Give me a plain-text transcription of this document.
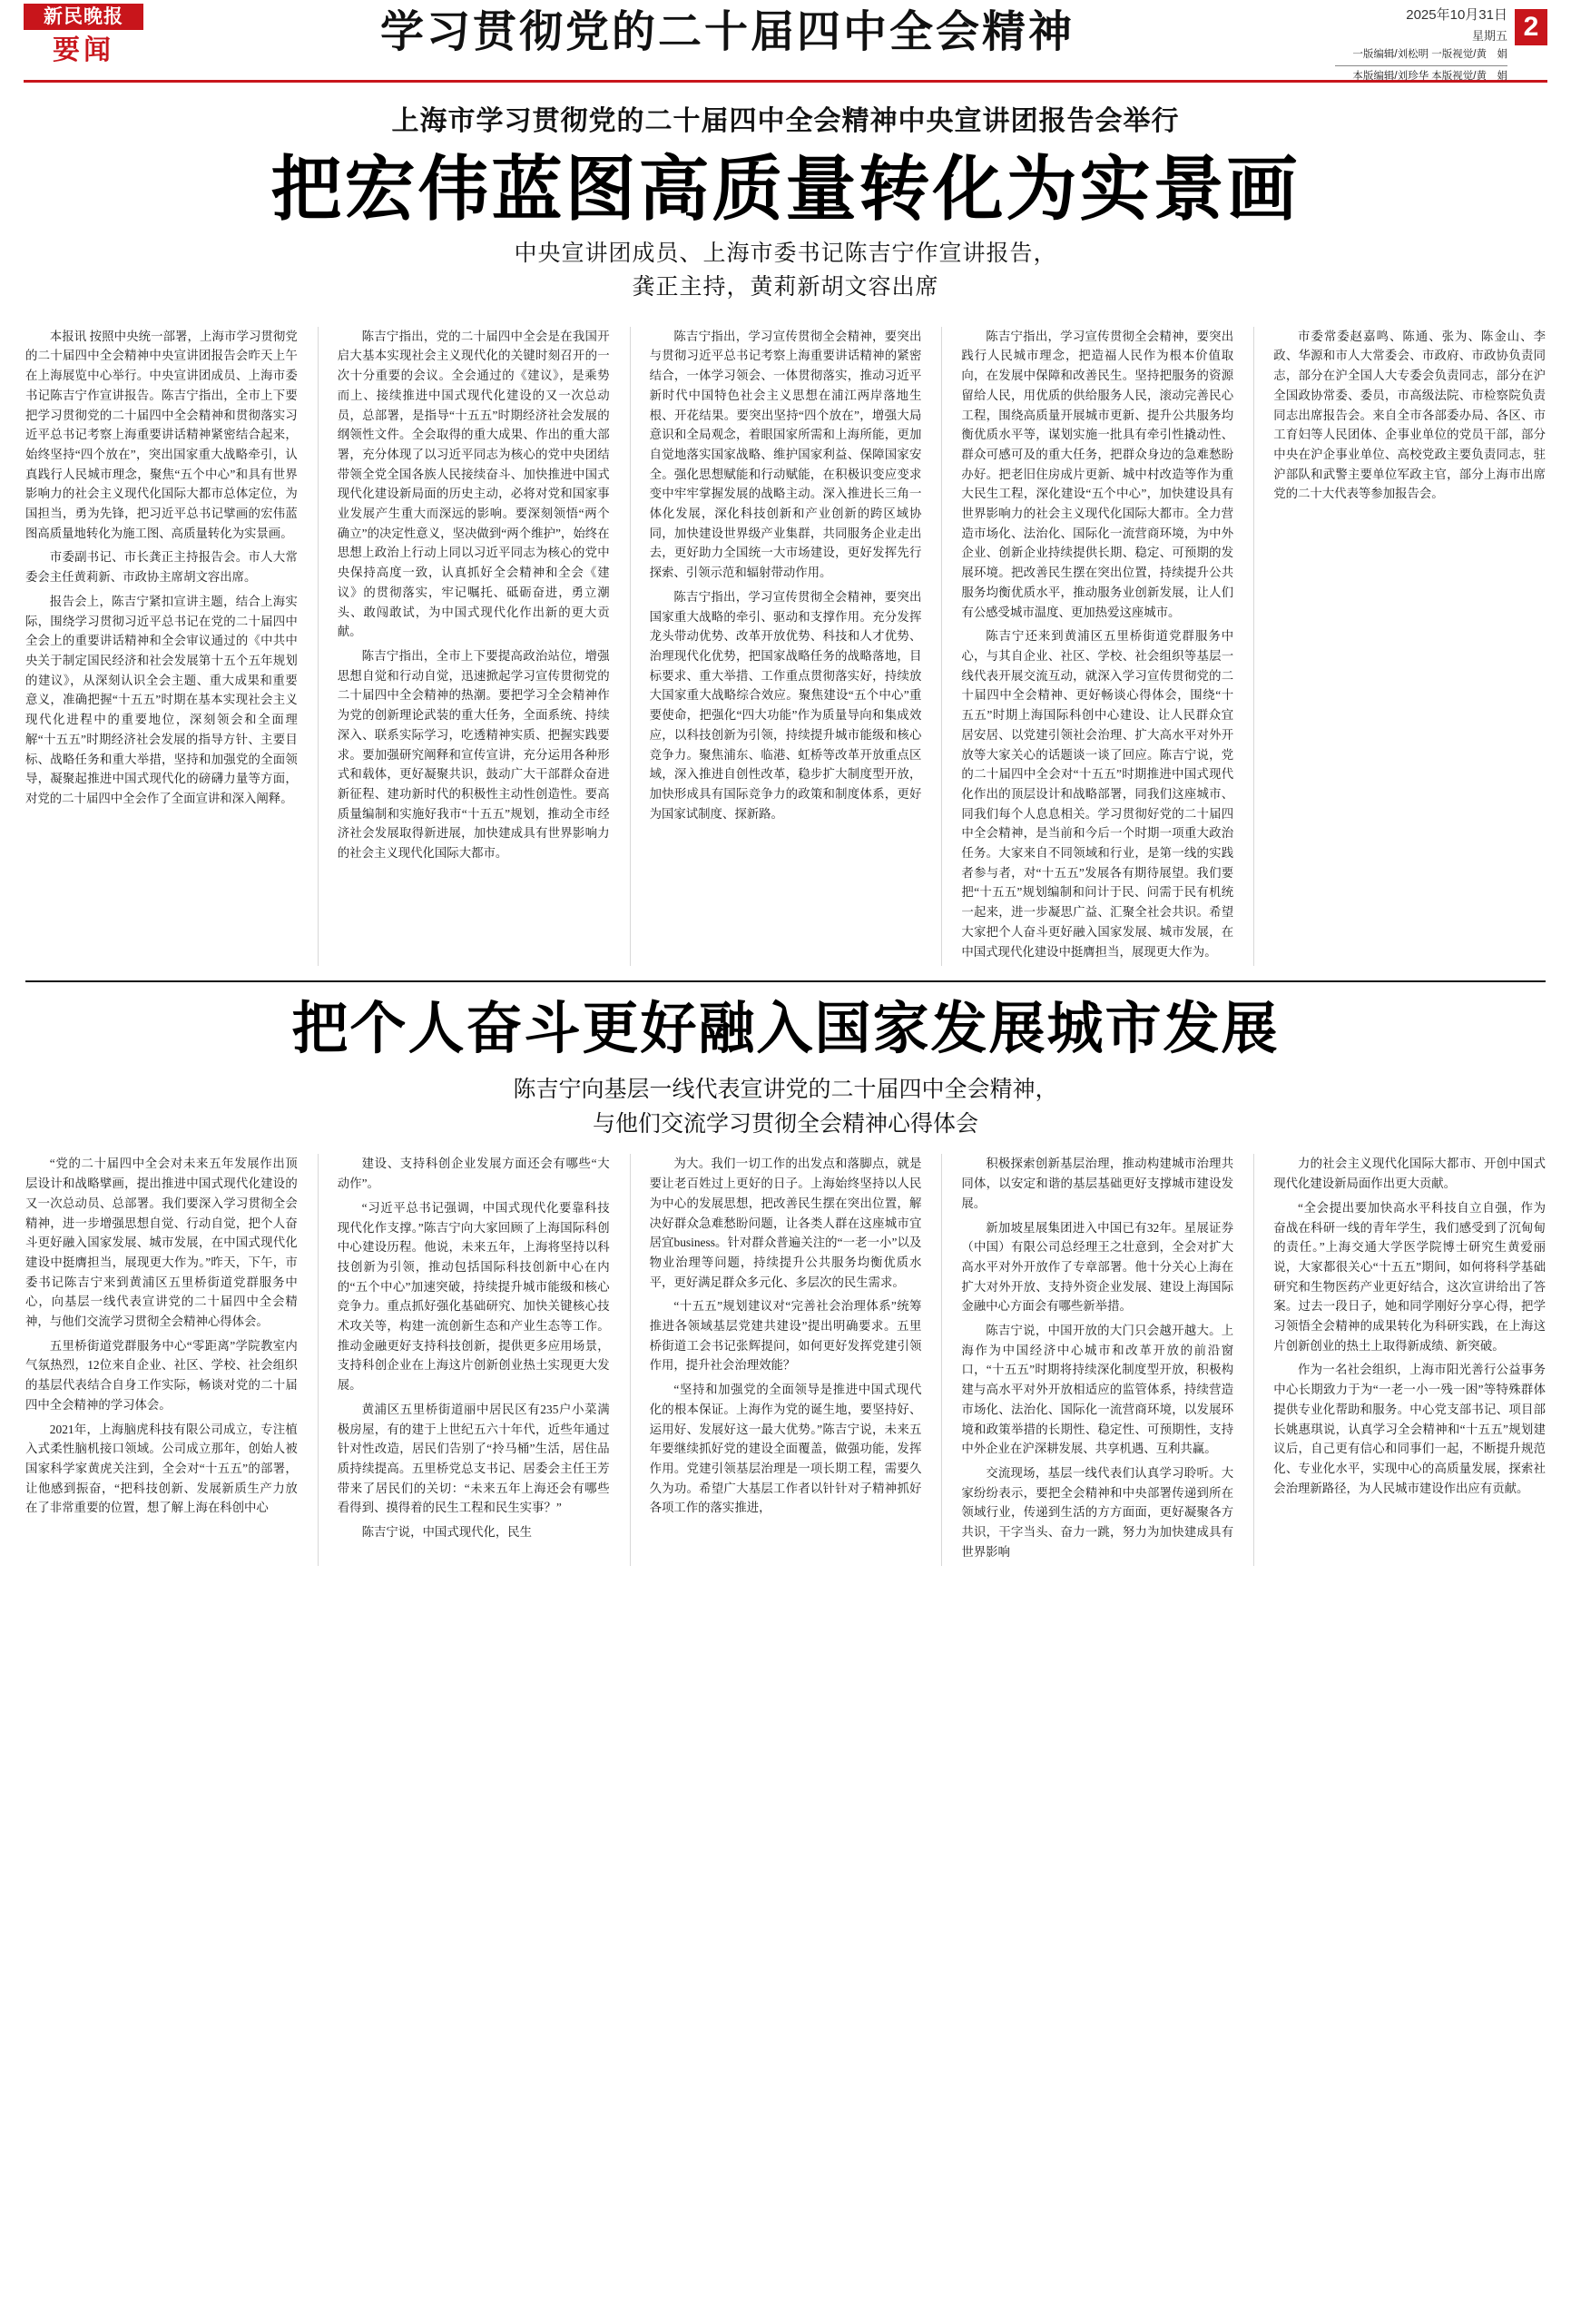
新民晚报
要闻	学习贯彻党的二十届四中全会精神	2025年10月31日
星期五
一版编辑/刘松明 一版视觉/黄　娟
本版编辑/刘珍华 本版视觉/黄　娟
2
上海市学习贯彻党的二十届四中全会精神中央宣讲团报告会举行
把宏伟蓝图高质量转化为实景画
中央宣讲团成员、上海市委书记陈吉宁作宣讲报告，
龚正主持，黄莉新胡文容出席

本报讯 按照中央统一部署，上海市学习贯彻党的二十届四中全会精神中央宣讲团报告会昨天上午在上海展览中心举行。中央宣讲团成员、上海市委书记陈吉宁作宣讲报告。陈吉宁指出，全市上下要把学习贯彻党的二十届四中全会精神和贯彻落实习近平总书记考察上海重要讲话精神紧密结合起来，始终坚持“四个放在”，突出国家重大战略牵引，认真践行人民城市理念，聚焦“五个中心”和具有世界影响力的社会主义现代化国际大都市总体定位，为国担当，勇为先锋，把习近平总书记擘画的宏伟蓝图高质量地转化为施工图、高质量转化为实景画。

市委副书记、市长龚正主持报告会。市人大常委会主任黄莉新、市政协主席胡文容出席。

报告会上，陈吉宁紧扣宣讲主题，结合上海实际，围绕学习贯彻习近平总书记在党的二十届四中全会上的重要讲话精神和全会审议通过的《中共中央关于制定国民经济和社会发展第十五个五年规划的建议》，从深刻认识全会主题、重大成果和重要意义，准确把握“十五五”时期在基本实现社会主义现代化进程中的重要地位，深刻领会和全面理解“十五五”时期经济社会发展的指导方针、主要目标、战略任务和重大举措，坚持和加强党的全面领导，凝聚起推进中国式现代化的磅礴力量等方面，对党的二十届四中全会作了全面宣讲和深入阐释。

陈吉宁指出，党的二十届四中全会是在我国开启大基本实现社会主义现代化的关键时刻召开的一次十分重要的会议。全会通过的《建议》，是乘势而上、接续推进中国式现代化建设的又一次总动员，总部署，是指导“十五五”时期经济社会发展的纲领性文件。全会取得的重大成果、作出的重大部署，充分体现了以习近平同志为核心的党中央团结带领全党全国各族人民接续奋斗、加快推进中国式现代化建设新局面的历史主动，必将对党和国家事业发展产生重大而深远的影响。要深刻领悟“两个确立”的决定性意义，坚决做到“两个维护”，始终在思想上政治上行动上同以习近平同志为核心的党中央保持高度一致，认真抓好全会精神和全会《建议》的贯彻落实，牢记嘱托、砥砺奋进，勇立潮头、敢闯敢试，为中国式现代化作出新的更大贡献。

陈吉宁指出，全市上下要提高政治站位，增强思想自觉和行动自觉，迅速掀起学习宣传贯彻党的二十届四中全会精神的热潮。要把学习全会精神作为党的创新理论武装的重大任务，全面系统、持续深入、联系实际学习，吃透精神实质、把握实践要求。要加强研究阐释和宣传宣讲，充分运用各种形式和载体，更好凝聚共识，鼓动广大干部群众奋进新征程、建功新时代的积极性主动性创造性。要高质量编制和实施好我市“十五五”规划，推动全市经济社会发展取得新进展，加快建成具有世界影响力的社会主义现代化国际大都市。

陈吉宁指出，学习宣传贯彻全会精神，要突出与贯彻习近平总书记考察上海重要讲话精神的紧密结合，一体学习领会、一体贯彻落实，推动习近平新时代中国特色社会主义思想在浦江两岸落地生根、开花结果。要突出坚持“四个放在”，增强大局意识和全局观念，着眼国家所需和上海所能，更加自觉地落实国家战略、维护国家利益、保障国家安全。强化思想赋能和行动赋能，在积极识变应变求变中牢牢掌握发展的战略主动。深入推进长三角一体化发展，深化科技创新和产业创新的跨区域协同，加快建设世界级产业集群，共同服务企业走出去，更好助力全国统一大市场建设，更好发挥先行探索、引领示范和辐射带动作用。

陈吉宁指出，学习宣传贯彻全会精神，要突出国家重大战略的牵引、驱动和支撑作用。充分发挥龙头带动优势、改革开放优势、科技和人才优势、治理现代化优势，把国家战略任务的战略落地，目标要求、重大举措、工作重点贯彻落实好，持续放大国家重大战略综合效应。聚焦建设“五个中心”重要使命，把强化“四大功能”作为质量导向和集成效应，以科技创新为引领，持续提升城市能级和核心竞争力。聚焦浦东、临港、虹桥等改革开放重点区域，深入推进自创性改革，稳步扩大制度型开放，加快形成具有国际竞争力的政策和制度体系，更好为国家试制度、探新路。

陈吉宁指出，学习宣传贯彻全会精神，要突出践行人民城市理念，把造福人民作为根本价值取向，在发展中保障和改善民生。坚持把服务的资源留给人民，用优质的供给服务人民，滚动完善民心工程，围绕高质量开展城市更新、提升公共服务均衡优质水平等，谋划实施一批具有牵引性撬动性、群众可感可及的重大任务，把群众身边的急难愁盼办好。把老旧住房成片更新、城中村改造等作为重大民生工程，深化建设“五个中心”，加快建设具有世界影响力的社会主义现代化国际大都市。全力营造市场化、法治化、国际化一流营商环境，为中外企业、创新企业持续提供长期、稳定、可预期的发展环境。把改善民生摆在突出位置，持续提升公共服务均衡优质水平，推动服务业创新发展，让人们有公感受城市温度、更加热爱这座城市。

陈吉宁还来到黄浦区五里桥街道党群服务中心，与其自企业、社区、学校、社会组织等基层一线代表开展交流互动，就深入学习宣传贯彻党的二十届四中全会精神、更好畅谈心得体会，围绕“十五五”时期上海国际科创中心建设、让人民群众宜居安居、以党建引领社会治理、扩大高水平对外开放等大家关心的话题谈一谈了回应。陈吉宁说，党的二十届四中全会对“十五五”时期推进中国式现代化作出的顶层设计和战略部署，同我们这座城市、同我们每个人息息相关。学习贯彻好党的二十届四中全会精神，是当前和今后一个时期一项重大政治任务。大家来自不同领域和行业，是第一线的实践者参与者，对“十五五”发展各有期待展望。我们要把“十五五”规划编制和问计于民、问需于民有机统一起来，进一步凝思广益、汇聚全社会共识。希望大家把个人奋斗更好融入国家发展、城市发展，在中国式现代化建设中挺膺担当，展现更大作为。

市委常委赵嘉鸣、陈通、张为、陈金山、李政、华源和市人大常委会、市政府、市政协负责同志，部分在沪全国人大专委会负责同志，部分在沪全国政协常委、委员，市高级法院、市检察院负责同志出席报告会。来自全市各部委办局、各区、市工育妇等人民团体、企事业单位的党员干部，部分中央在沪企事业单位、高校党政主要负责同志，驻沪部队和武警主要单位军政主官，部分上海市出席党的二十大代表等参加报告会。

把个人奋斗更好融入国家发展城市发展
陈吉宁向基层一线代表宣讲党的二十届四中全会精神，
与他们交流学习贯彻全会精神心得体会

“党的二十届四中全会对未来五年发展作出顶层设计和战略擘画，提出推进中国式现代化建设的又一次总动员、总部署。我们要深入学习贯彻全会精神，进一步增强思想自觉、行动自觉，把个人奋斗更好融入国家发展、城市发展，在中国式现代化建设中挺膺担当，展现更大作为。”昨天，下午，市委书记陈吉宁来到黄浦区五里桥街道党群服务中心，向基层一线代表宣讲党的二十届四中全会精神，与他们交流学习贯彻全会精神心得体会。

五里桥街道党群服务中心“零距离”学院教室内气氛热烈，12位来自企业、社区、学校、社会组织的基层代表结合自身工作实际，畅谈对党的二十届四中全会精神的学习体会。

2021年，上海脑虎科技有限公司成立，专注植入式柔性脑机接口领域。公司成立那年，创始人被国家科学家黄虎关注到，全会对“十五五”的部署，让他感到振奋，“把科技创新、发展新质生产力放在了非常重要的位置，想了解上海在科创中心

建设、支持科创企业发展方面还会有哪些“大动作”。

“习近平总书记强调，中国式现代化要靠科技现代化作支撑。”陈吉宁向大家回顾了上海国际科创中心建设历程。他说，未来五年，上海将坚持以科技创新为引领，推动包括国际科技创新中心在内的“五个中心”加速突破，持续提升城市能级和核心竞争力。重点抓好强化基础研究、加快关键核心技术攻关等，构建一流创新生态和产业生态等工作。推动金融更好支持科技创新，提供更多应用场景，支持科创企业在上海这片创新创业热土实现更大发展。

黄浦区五里桥街道丽中居民区有235户小菜满极房屋，有的建于上世纪五六十年代，近些年通过针对性改造，居民们告别了“拎马桶”生活，居住品质持续提高。五里桥党总支书记、居委会主任王芳带来了居民们的关切：“未来五年上海还会有哪些看得到、摸得着的民生工程和民生实事？”

陈吉宁说，中国式现代化，民生

为大。我们一切工作的出发点和落脚点，就是要让老百姓过上更好的日子。上海始终坚持以人民为中心的发展思想，把改善民生摆在突出位置，解决好群众急难愁盼问题，让各类人群在这座城市宜居宜business。针对群众普遍关注的“一老一小”以及物业治理等问题，持续提升公共服务均衡优质水平，更好满足群众多元化、多层次的民生需求。

“十五五”规划建议对“完善社会治理体系”统筹推进各领域基层党建共建设”提出明确要求。五里桥街道工会书记张辉提问，如何更好发挥党建引领作用，提升社会治理效能？

“坚持和加强党的全面领导是推进中国式现代化的根本保证。上海作为党的诞生地，要坚持好、运用好、发展好这一最大优势。”陈吉宁说，未来五年要继续抓好党的建设全面覆盖，做强功能，发挥作用。党建引领基层治理是一项长期工程，需要久久为功。希望广大基层工作者以针针对子精神抓好各项工作的落实推进，

积极探索创新基层治理，推动构建城市治理共同体，以安定和谐的基层基础更好支撑城市建设发展。

新加坡星展集团进入中国已有32年。星展证券（中国）有限公司总经理王之壮意到，全会对扩大高水平对外开放作了专章部署。他十分关心上海在扩大对外开放、支持外资企业发展、建设上海国际金融中心方面会有哪些新举措。

陈吉宁说，中国开放的大门只会越开越大。上海作为中国经济中心城市和改革开放的前沿窗口，“十五五”时期将持续深化制度型开放，积极构建与高水平对外开放相适应的监管体系，持续营造市场化、法治化、国际化一流营商环境，以发展环境和政策举措的长期性、稳定性、可预期性，支持中外企业在沪深耕发展、共享机遇、互利共赢。

交流现场，基层一线代表们认真学习聆听。大家纷纷表示，要把全会精神和中央部署传递到所在领域行业，传递到生活的方方面面，更好凝聚各方共识，干字当头、奋力一跳，努力为加快建成具有世界影响

力的社会主义现代化国际大都市、开创中国式现代化建设新局面作出更大贡献。

“全会提出要加快高水平科技自立自强，作为奋战在科研一线的青年学生，我们感受到了沉甸甸的责任。”上海交通大学医学院博士研究生黄爱丽说，大家都很关心“十五五”期间，如何将科学基础研究和生物医药产业更好结合，这次宣讲给出了答案。过去一段日子，她和同学刚好分享心得，把学习领悟全会精神的成果转化为科研实践，在上海这片创新创业的热土上取得新成绩、新突破。

作为一名社会组织，上海市阳光善行公益事务中心长期致力于为“一老一小一残一困”等特殊群体提供专业化帮助和服务。中心党支部书记、项目部长姚惠琪说，认真学习全会精神和“十五五”规划建议后，自己更有信心和同事们一起，不断提升规范化、专业化水平，实现中心的高质量发展，探索社会治理新路径，为人民城市建设作出应有贡献。
